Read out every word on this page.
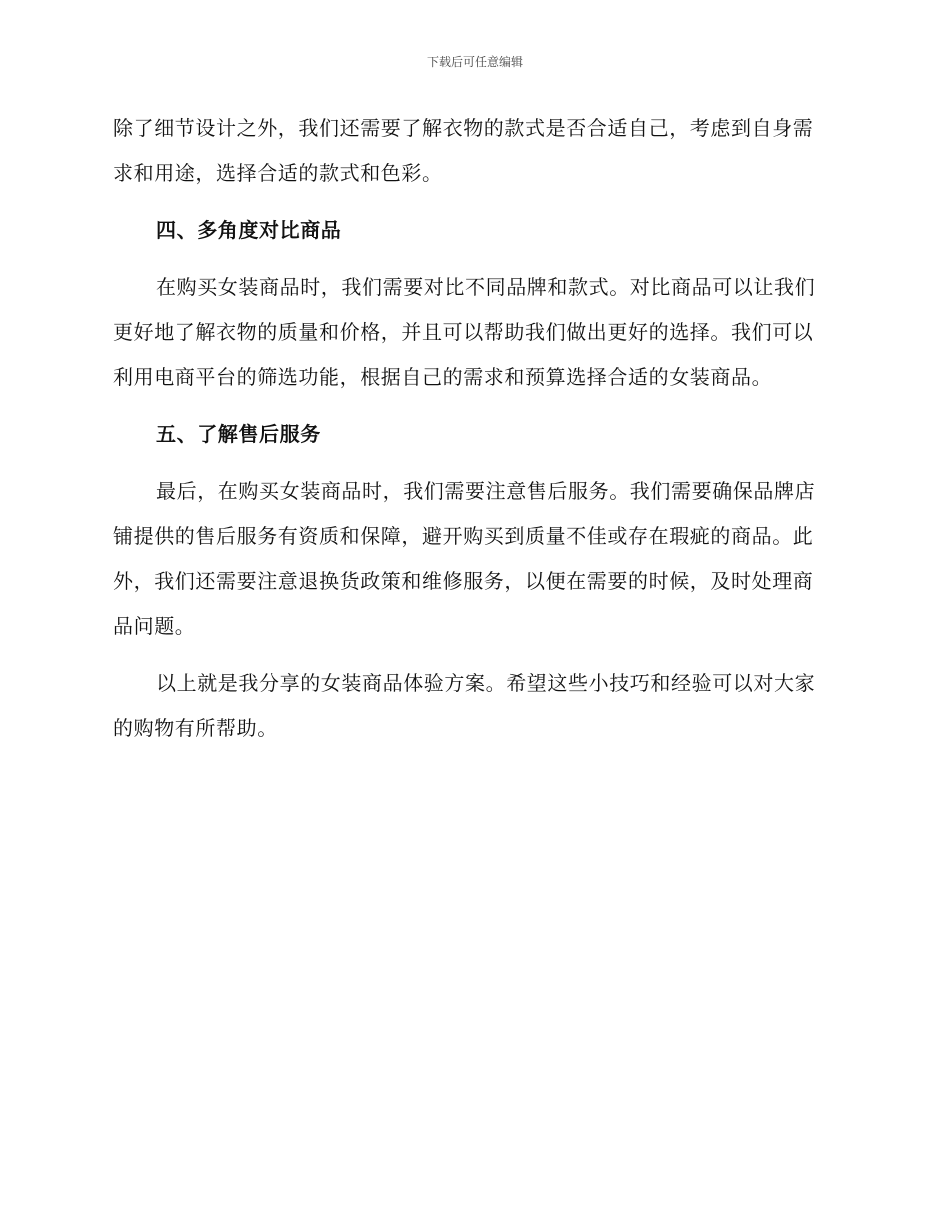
下载后可任意编辑

除了细节设计之外，我们还需要了解衣物的款式是否合适自己，考虑到自身需求和用途，选择合适的款式和色彩。

四、多角度对比商品

在购买女装商品时，我们需要对比不同品牌和款式。对比商品可以让我们更好地了解衣物的质量和价格，并且可以帮助我们做出更好的选择。我们可以利用电商平台的筛选功能，根据自己的需求和预算选择合适的女装商品。

五、了解售后服务

最后，在购买女装商品时，我们需要注意售后服务。我们需要确保品牌店铺提供的售后服务有资质和保障，避开购买到质量不佳或存在瑕疵的商品。此外，我们还需要注意退换货政策和维修服务，以便在需要的时候，及时处理商品问题。

以上就是我分享的女装商品体验方案。希望这些小技巧和经验可以对大家的购物有所帮助。
